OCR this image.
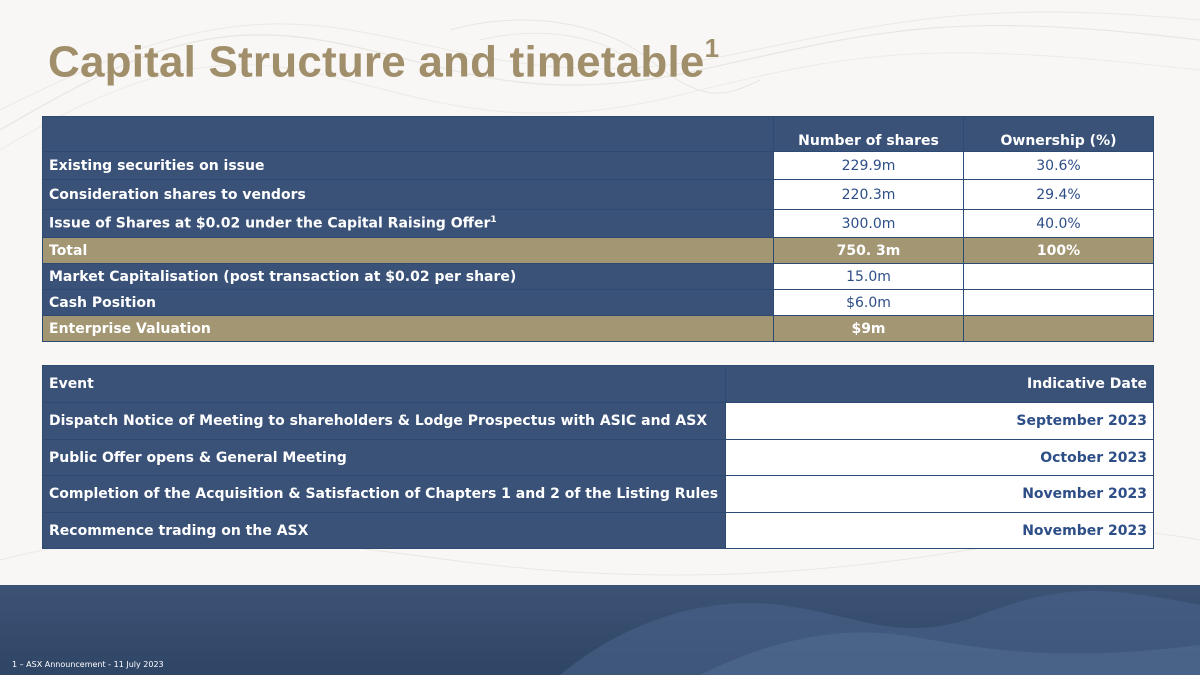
Capital Structure and timetable$^1$
	Number of shares	Ownership (%)
Existing securities on issue	229.9m	30.6%
Consideration shares to vendors	220.3m	29.4%
Issue of Shares at $0.02 under the Capital Raising Offer$^1$	300.0m	40.0%
Total	750. 3m	100%
Market Capitalisation (post transaction at $0.02 per share)	15.0m	
Cash Position	$6.0m	
Enterprise Valuation	$9m	
Event	Indicative Date
Dispatch Notice of Meeting to shareholders & Lodge Prospectus with ASIC and ASX	September 2023
Public Offer opens & General Meeting	October 2023
Completion of the Acquisition & Satisfaction of Chapters 1 and 2 of the Listing Rules	November 2023
Recommence trading on the ASX	November 2023
1 – ASX Announcement - 11 July 2023
